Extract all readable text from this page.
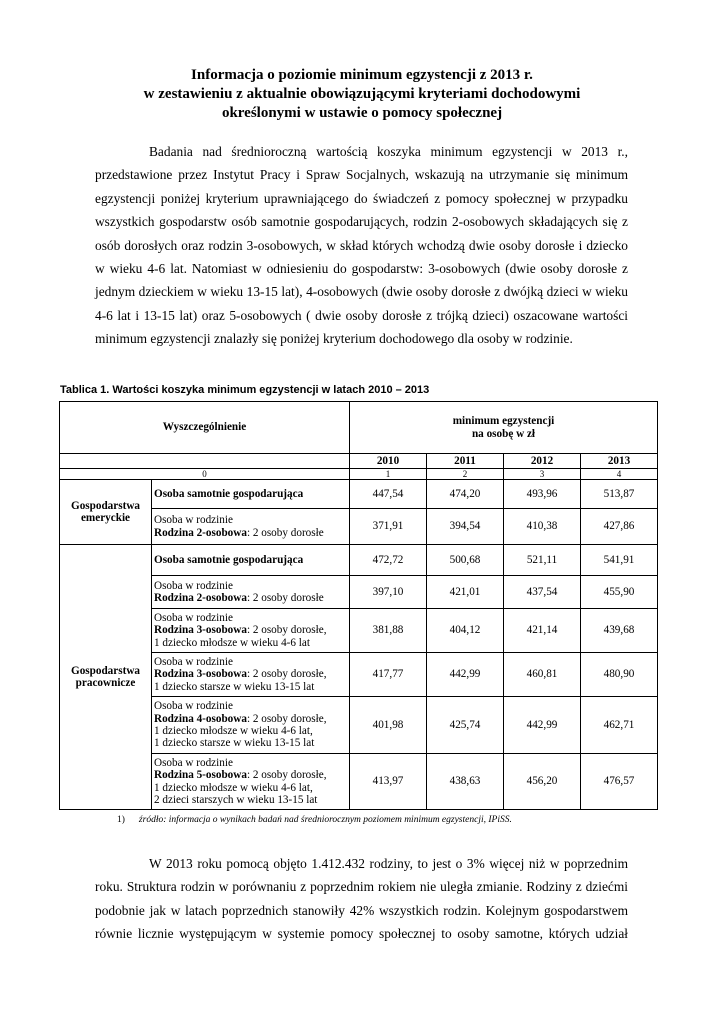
Informacja o poziomie minimum egzystencji z 2013 r.
w zestawieniu z aktualnie obowiązującymi kryteriami dochodowymi
określonymi w ustawie o pomocy społecznej
Badania nad średnioroczną wartością koszyka minimum egzystencji w 2013 r.,
przedstawione przez Instytut Pracy i Spraw Socjalnych, wskazują na utrzymanie się minimum
egzystencji poniżej kryterium uprawniającego do świadczeń z pomocy społecznej w przypadku
wszystkich gospodarstw osób samotnie gospodarujących, rodzin 2-osobowych składających się z
osób dorosłych oraz rodzin 3-osobowych, w skład których wchodzą dwie osoby dorosłe i dziecko
w wieku 4-6 lat. Natomiast w odniesieniu do gospodarstw: 3-osobowych (dwie osoby dorosłe z
jednym dzieckiem w wieku 13-15 lat), 4-osobowych (dwie osoby dorosłe z dwójką dzieci w wieku
4-6 lat i 13-15 lat) oraz 5-osobowych ( dwie osoby dorosłe z trójką dzieci) oszacowane wartości
minimum egzystencji znalazły się poniżej kryterium dochodowego dla osoby w rodzinie.
Tablica 1. Wartości koszyka minimum egzystencji w latach 2010 – 2013
Wyszczególnienie		minimum egzystencji
na osobę w zł			

		2010	2011	2012	2013
0		1	2	3	4

Gospodarstwa
emeryckie	Osoba samotnie gospodarująca	447,54	474,20	493,96	513,87

	Osoba w rodzinie
Rodzina 2-osobowa: 2 osoby dorosłe	371,91	394,54	410,38	427,86

Gospodarstwa
pracownicze	Osoba samotnie gospodarująca	472,72	500,68	521,11	541,91

	Osoba w rodzinie
Rodzina 2-osobowa: 2 osoby dorosłe	397,10	421,01	437,54	455,90

	Osoba w rodzinie
Rodzina 3-osobowa: 2 osoby dorosłe,
1 dziecko młodsze w wieku 4-6 lat	381,88	404,12	421,14	439,68

	Osoba w rodzinie
Rodzina 3-osobowa: 2 osoby dorosłe,
1 dziecko starsze w wieku 13-15 lat	417,77	442,99	460,81	480,90

	Osoba w rodzinie
Rodzina 4-osobowa: 2 osoby dorosłe,
1 dziecko młodsze w wieku 4-6 lat,
1 dziecko starsze w wieku 13-15 lat	401,98	425,74	442,99	462,71

	Osoba w rodzinie
Rodzina 5-osobowa: 2 osoby dorosłe,
1 dziecko młodsze w wieku 4-6 lat,
2 dzieci starszych w wieku 13-15 lat	413,97	438,63	456,20	476,57
1) źródło: informacja o wynikach badań nad średniorocznym poziomem minimum egzystencji, IPiSS.
W 2013 roku pomocą objęto 1.412.432 rodziny, to jest o 3% więcej niż w poprzednim
roku. Struktura rodzin w porównaniu z poprzednim rokiem nie uległa zmianie. Rodziny z dziećmi
podobnie jak w latach poprzednich stanowiły 42% wszystkich rodzin. Kolejnym gospodarstwem
równie licznie występującym w systemie pomocy społecznej to osoby samotne, których udział
